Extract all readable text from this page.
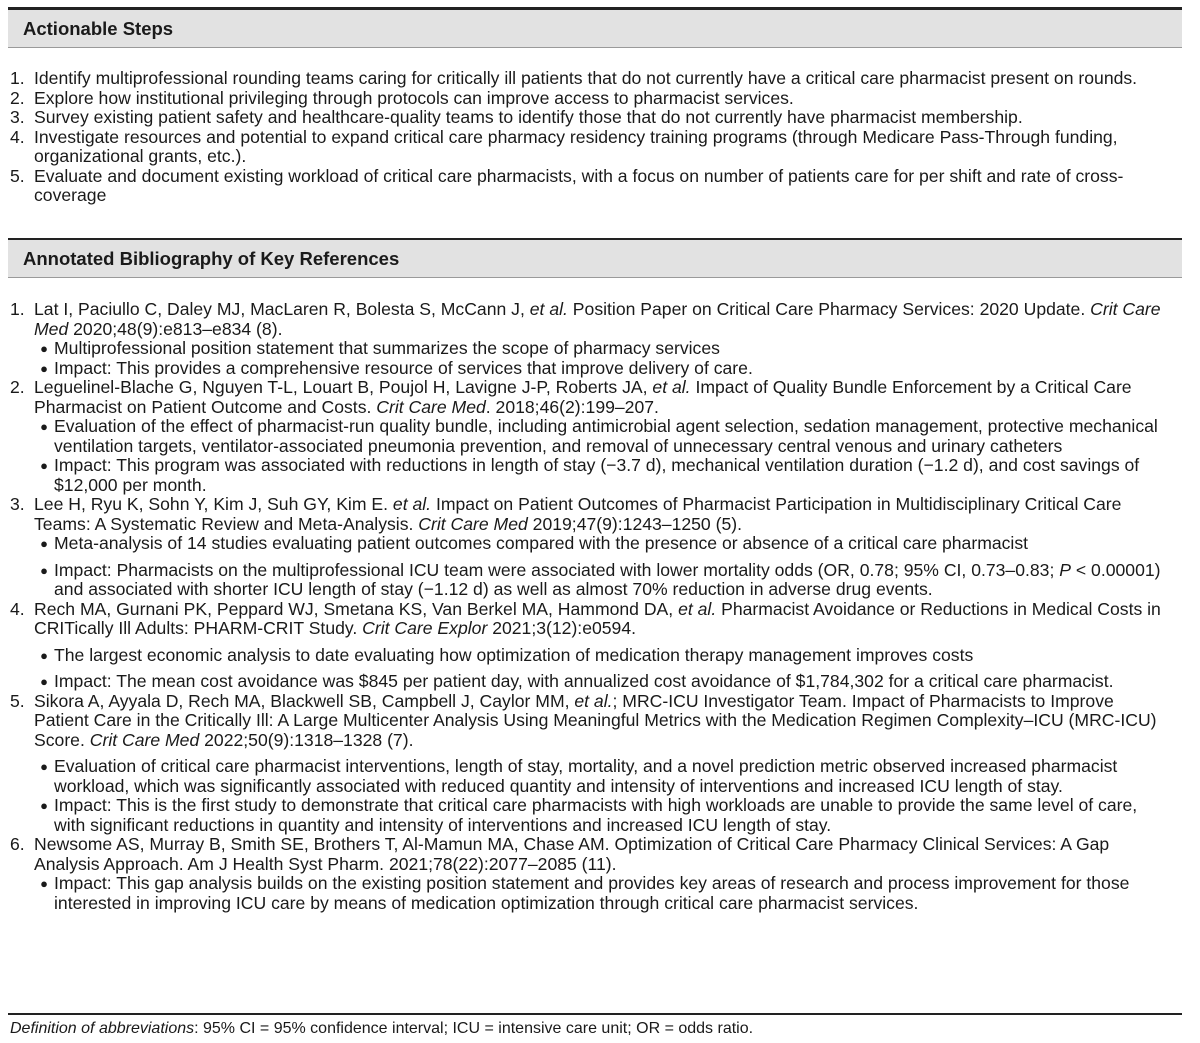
Actionable Steps
1. Identify multiprofessional rounding teams caring for critically ill patients that do not currently have a critical care pharmacist present on rounds.
2. Explore how institutional privileging through protocols can improve access to pharmacist services.
3. Survey existing patient safety and healthcare-quality teams to identify those that do not currently have pharmacist membership.
4. Investigate resources and potential to expand critical care pharmacy residency training programs (through Medicare Pass-Through funding, organizational grants, etc.).
5. Evaluate and document existing workload of critical care pharmacists, with a focus on number of patients care for per shift and rate of cross-coverage
Annotated Bibliography of Key References
1. Lat I, Paciullo C, Daley MJ, MacLaren R, Bolesta S, McCann J, et al. Position Paper on Critical Care Pharmacy Services: 2020 Update. Crit Care Med 2020;48(9):e813–e834 (8).
● Multiprofessional position statement that summarizes the scope of pharmacy services
● Impact: This provides a comprehensive resource of services that improve delivery of care.
2. Leguelinel-Blache G, Nguyen T-L, Louart B, Poujol H, Lavigne J-P, Roberts JA, et al. Impact of Quality Bundle Enforcement by a Critical Care Pharmacist on Patient Outcome and Costs. Crit Care Med. 2018;46(2):199–207.
● Evaluation of the effect of pharmacist-run quality bundle, including antimicrobial agent selection, sedation management, protective mechanical ventilation targets, ventilator-associated pneumonia prevention, and removal of unnecessary central venous and urinary catheters
● Impact: This program was associated with reductions in length of stay (−3.7 d), mechanical ventilation duration (−1.2 d), and cost savings of $12,000 per month.
3. Lee H, Ryu K, Sohn Y, Kim J, Suh GY, Kim E. et al. Impact on Patient Outcomes of Pharmacist Participation in Multidisciplinary Critical Care Teams: A Systematic Review and Meta-Analysis. Crit Care Med 2019;47(9):1243–1250 (5).
● Meta-analysis of 14 studies evaluating patient outcomes compared with the presence or absence of a critical care pharmacist
● Impact: Pharmacists on the multiprofessional ICU team were associated with lower mortality odds (OR, 0.78; 95% CI, 0.73–0.83; P < 0.00001) and associated with shorter ICU length of stay (−1.12 d) as well as almost 70% reduction in adverse drug events.
4. Rech MA, Gurnani PK, Peppard WJ, Smetana KS, Van Berkel MA, Hammond DA, et al. Pharmacist Avoidance or Reductions in Medical Costs in CRITically Ill Adults: PHARM-CRIT Study. Crit Care Explor 2021;3(12):e0594.
● The largest economic analysis to date evaluating how optimization of medication therapy management improves costs
● Impact: The mean cost avoidance was $845 per patient day, with annualized cost avoidance of $1,784,302 for a critical care pharmacist.
5. Sikora A, Ayyala D, Rech MA, Blackwell SB, Campbell J, Caylor MM, et al.; MRC-ICU Investigator Team. Impact of Pharmacists to Improve Patient Care in the Critically Ill: A Large Multicenter Analysis Using Meaningful Metrics with the Medication Regimen Complexity–ICU (MRC-ICU) Score. Crit Care Med 2022;50(9):1318–1328 (7).
● Evaluation of critical care pharmacist interventions, length of stay, mortality, and a novel prediction metric observed increased pharmacist workload, which was significantly associated with reduced quantity and intensity of interventions and increased ICU length of stay.
● Impact: This is the first study to demonstrate that critical care pharmacists with high workloads are unable to provide the same level of care, with significant reductions in quantity and intensity of interventions and increased ICU length of stay.
6. Newsome AS, Murray B, Smith SE, Brothers T, Al-Mamun MA, Chase AM. Optimization of Critical Care Pharmacy Clinical Services: A Gap Analysis Approach. Am J Health Syst Pharm. 2021;78(22):2077–2085 (11).
● Impact: This gap analysis builds on the existing position statement and provides key areas of research and process improvement for those interested in improving ICU care by means of medication optimization through critical care pharmacist services.
Definition of abbreviations: 95% CI = 95% confidence interval; ICU = intensive care unit; OR = odds ratio.
